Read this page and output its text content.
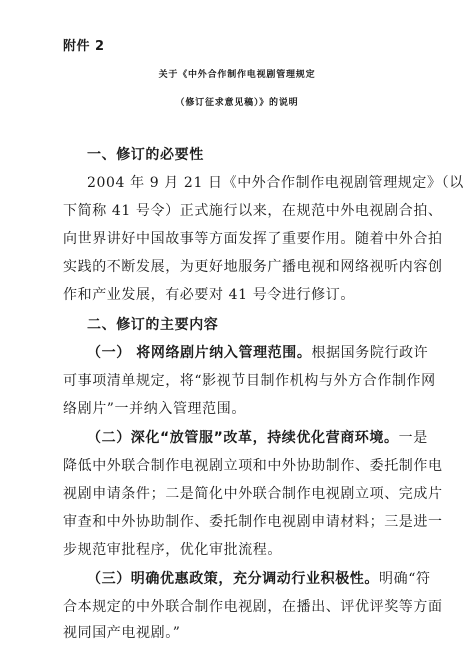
附件 2
关于《中外合作制作电视剧管理规定
（修订征求意见稿）》的说明
一、修订的必要性
2004 年 9 月 21 日《中外合作制作电视剧管理规定》（以
下简称 41 号令）正式施行以来，在规范中外电视剧合拍、
向世界讲好中国故事等方面发挥了重要作用。随着中外合拍
实践的不断发展，为更好地服务广播电视和网络视听内容创
作和产业发展，有必要对 41 号令进行修订。
二、修订的主要内容
（一） 将网络剧片纳入管理范围。根据国务院行政许
可事项清单规定，将“影视节目制作机构与外方合作制作网
络剧片”一并纳入管理范围。
（二）深化“放管服”改革，持续优化营商环境。一是
降低中外联合制作电视剧立项和中外协助制作、委托制作电
视剧申请条件；二是简化中外联合制作电视剧立项、完成片
审查和中外协助制作、委托制作电视剧申请材料；三是进一
步规范审批程序，优化审批流程。
（三）明确优惠政策，充分调动行业积极性。明确“符
合本规定的中外联合制作电视剧，在播出、评优评奖等方面
视同国产电视剧。”
